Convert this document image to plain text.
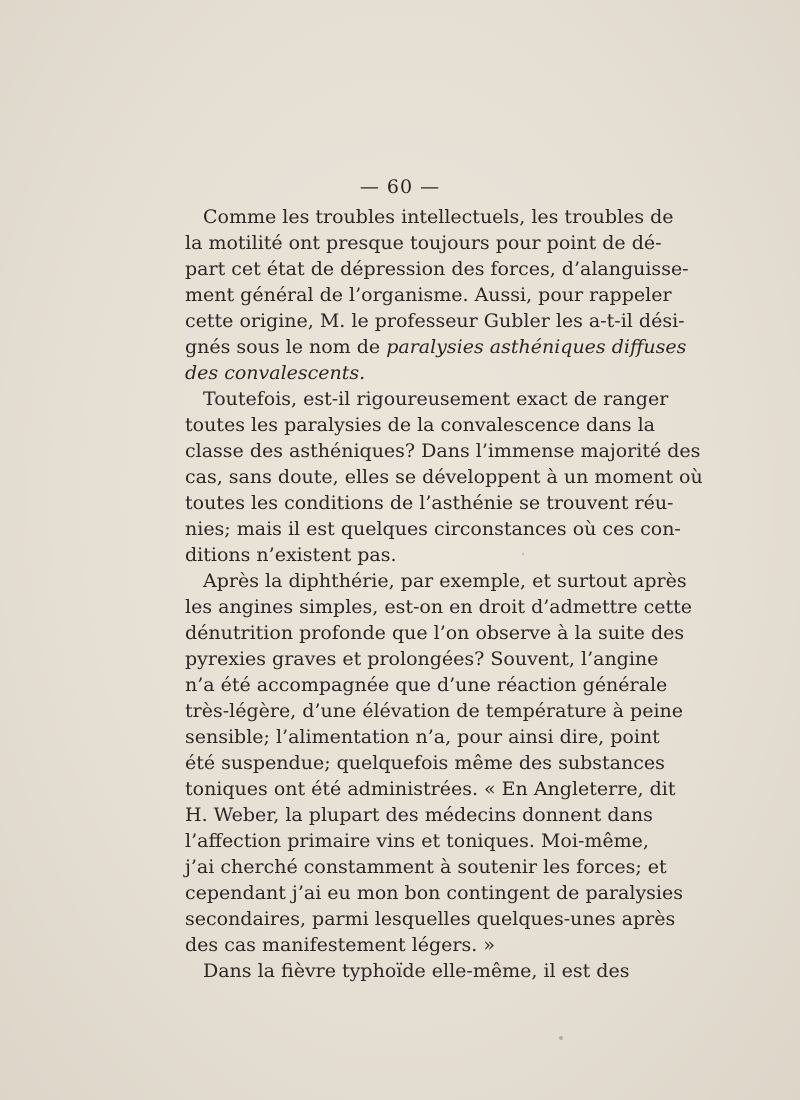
— 60 —
Comme les troubles intellectuels, les troubles de
la motilité ont presque toujours pour point de dé-
part cet état de dépression des forces, d’alanguisse-
ment général de l’organisme. Aussi, pour rappeler
cette origine, M. le professeur Gubler les a-t-il dési-
gnés sous le nom de paralysies asthéniques diffuses
des convalescents.
Toutefois, est-il rigoureusement exact de ranger
toutes les paralysies de la convalescence dans la
classe des asthéniques? Dans l’immense majorité des
cas, sans doute, elles se développent à un moment où
toutes les conditions de l’asthénie se trouvent réu-
nies; mais il est quelques circonstances où ces con-
ditions n’existent pas.
Après la diphthérie, par exemple, et surtout après
les angines simples, est-on en droit d’admettre cette
dénutrition profonde que l’on observe à la suite des
pyrexies graves et prolongées? Souvent, l’angine
n’a été accompagnée que d’une réaction générale
très-légère, d’une élévation de température à peine
sensible; l’alimentation n’a, pour ainsi dire, point
été suspendue; quelquefois même des substances
toniques ont été administrées. « En Angleterre, dit
H. Weber, la plupart des médecins donnent dans
l’affection primaire vins et toniques. Moi-même,
j’ai cherché constamment à soutenir les forces; et
cependant j’ai eu mon bon contingent de paralysies
secondaires, parmi lesquelles quelques-unes après
des cas manifestement légers. »
Dans la fièvre typhoïde elle-même, il est des
